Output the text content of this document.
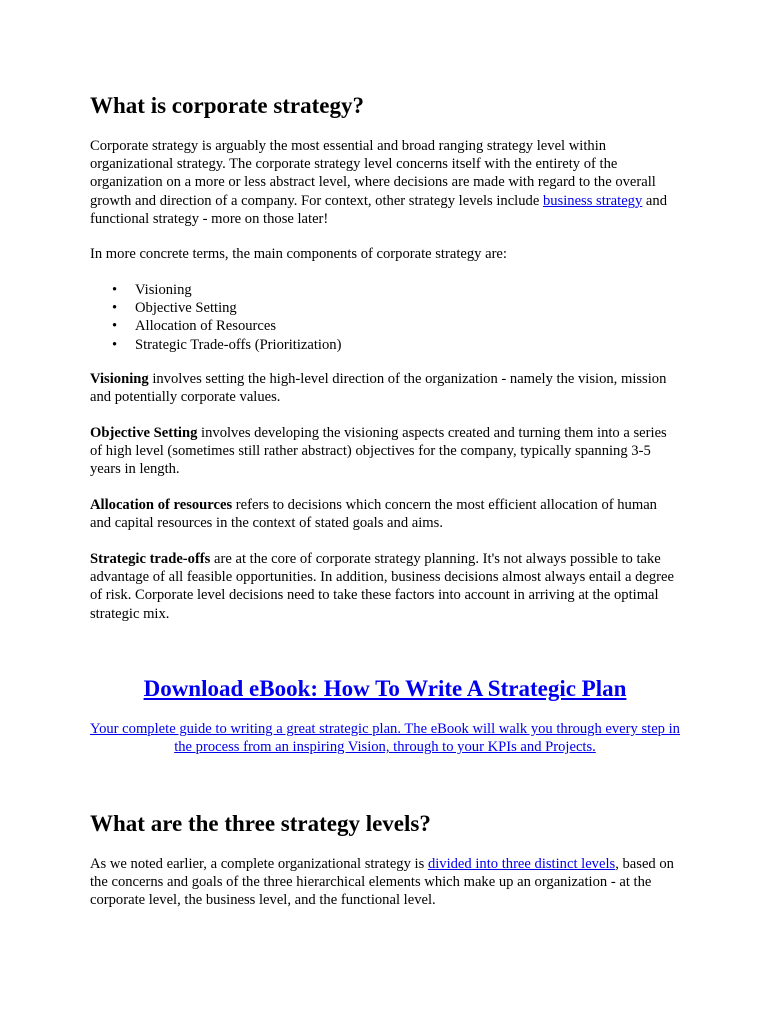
What is corporate strategy?

Corporate strategy is arguably the most essential and broad ranging strategy level within organizational strategy. The corporate strategy level concerns itself with the entirety of the organization on a more or less abstract level, where decisions are made with regard to the overall growth and direction of a company. For context, other strategy levels include business strategy and functional strategy - more on those later!

In more concrete terms, the main components of corporate strategy are:

• Visioning
• Objective Setting
• Allocation of Resources
• Strategic Trade-offs (Prioritization)

Visioning involves setting the high-level direction of the organization - namely the vision, mission and potentially corporate values.

Objective Setting involves developing the visioning aspects created and turning them into a series of high level (sometimes still rather abstract) objectives for the company, typically spanning 3-5 years in length.

Allocation of resources refers to decisions which concern the most efficient allocation of human and capital resources in the context of stated goals and aims.

Strategic trade-offs are at the core of corporate strategy planning. It's not always possible to take advantage of all feasible opportunities. In addition, business decisions almost always entail a degree of risk. Corporate level decisions need to take these factors into account in arriving at the optimal strategic mix.

Download eBook: How To Write A Strategic Plan
Your complete guide to writing a great strategic plan. The eBook will walk you through every step in the process from an inspiring Vision, through to your KPIs and Projects.
What are the three strategy levels?

As we noted earlier, a complete organizational strategy is divided into three distinct levels, based on the concerns and goals of the three hierarchical elements which make up an organization - at the corporate level, the business level, and the functional level.
